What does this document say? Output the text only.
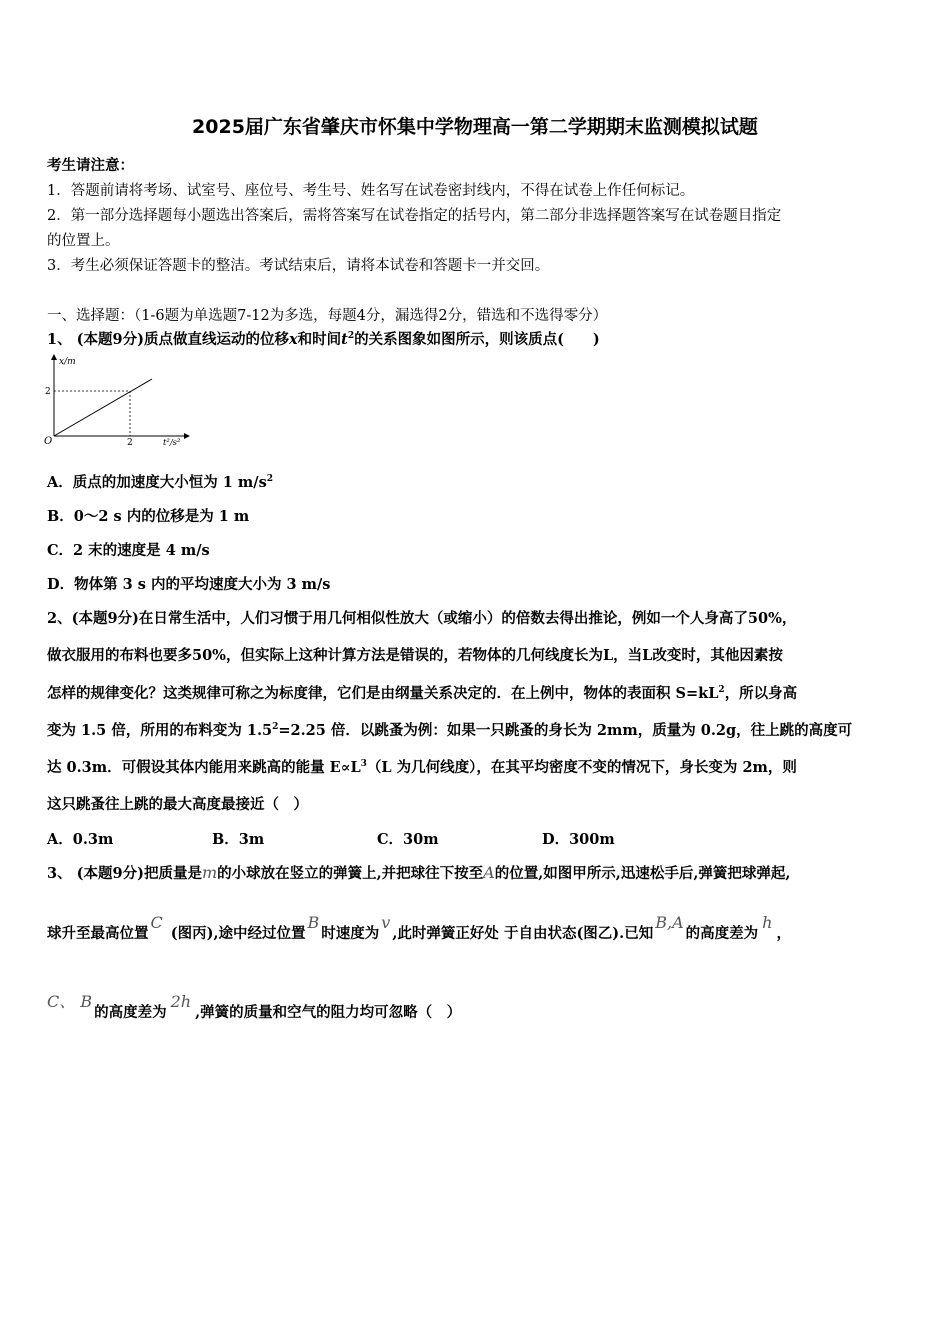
2025届广东省肇庆市怀集中学物理高一第二学期期末监测模拟试题
考生请注意：
1．答题前请将考场、试室号、座位号、考生号、姓名写在试卷密封线内，不得在试卷上作任何标记。
2．第一部分选择题每小题选出答案后，需将答案写在试卷指定的括号内，第二部分非选择题答案写在试卷题目指定
的位置上。
3．考生必须保证答题卡的整洁。考试结束后，请将本试卷和答题卡一并交回。
一、选择题：（1-6题为单选题7-12为多选，每题4分，漏选得2分，错选和不选得零分）
1、 (本题9分)质点做直线运动的位移x和时间$t^2$的关系图象如图所示，则该质点(　　)
x/m
2
O	2	t²/s²
A．质点的加速度大小恒为 1 $m/s^2$
B．0～2 s 内的位移是为 1 m
C．2 末的速度是 4 m/s
D．物体第 3 s 内的平均速度大小为 3 m/s
2、(本题9分)在日常生活中，人们习惯于用几何相似性放大（或缩小）的倍数去得出推论，例如一个人身高了50%，
做衣服用的布料也要多50%，但实际上这种计算方法是错误的，若物体的几何线度长为L，当L改变时，其他因素按
怎样的规律变化？这类规律可称之为标度律，它们是由纲量关系决定的．在上例中，物体的表面积 $S=kL^2$，所以身高
变为 1.5 倍，所用的布料变为 $1.5^2=2.25$ 倍．以跳蚤为例：如果一只跳蚤的身长为 2mm，质量为 0.2g，往上跳的高度可
达 0.3m．可假设其体内能用来跳高的能量 $E\propto L^3(L$ 为几何线度），在其平均密度不变的情况下，身长变为 2m，则
这只跳蚤往上跳的最大高度最接近（　）
A．0.3m	B．3m	C．30m	D．300m
3、 (本题9分)把质量是m的小球放在竖立的弹簧上,并把球往下按至A的位置,如图甲所示,迅速松手后,弹簧把球弹起,
球升至最高位置C(图丙),途中经过位置B时速度为v,此时弹簧正好处 于自由状态(图乙).已知B,A的高度差为h，
C、 B的高度差为2h,弹簧的质量和空气的阻力均可忽略（　）
